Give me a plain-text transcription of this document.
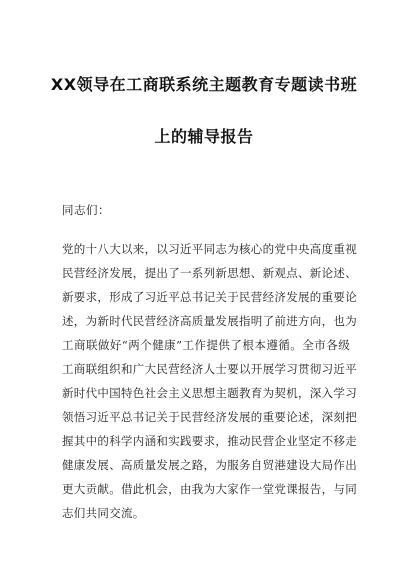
XX领导在工商联系统主题教育专题读书班
上的辅导报告
同志们：
党的十八大以来，以习近平同志为核心的党中央高度重视
民营经济发展，提出了一系列新思想、新观点、新论述、
新要求，形成了习近平总书记关于民营经济发展的重要论
述，为新时代民营经济高质量发展指明了前进方向，也为
工商联做好“两个健康”工作提供了根本遵循。全市各级
工商联组织和广大民营经济人士要以开展学习贯彻习近平
新时代中国特色社会主义思想主题教育为契机，深入学习
领悟习近平总书记关于民营经济发展的重要论述，深刻把
握其中的科学内涵和实践要求，推动民营企业坚定不移走
健康发展、高质量发展之路，为服务自贸港建设大局作出
更大贡献。借此机会，由我为大家作一堂党课报告，与同
志们共同交流。
